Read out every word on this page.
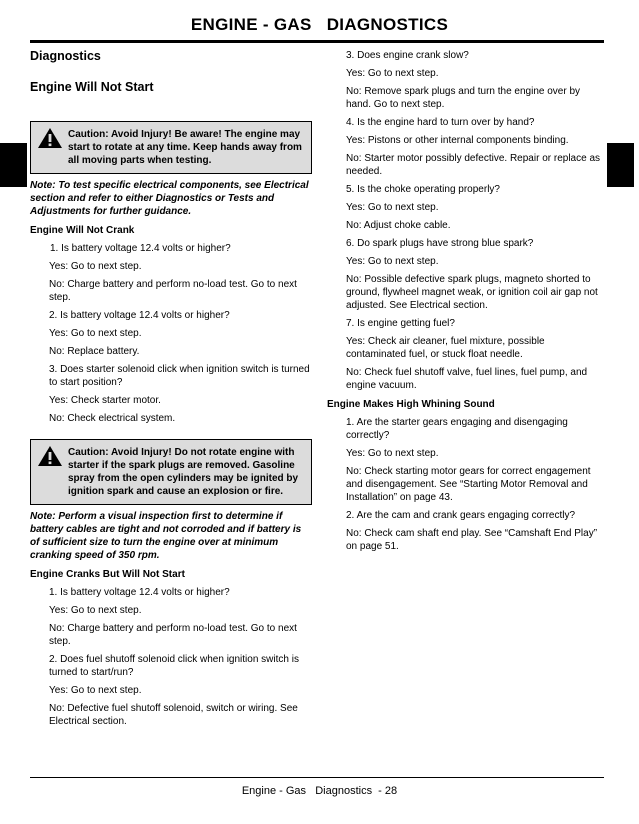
ENGINE - GAS   DIAGNOSTICS
Diagnostics
Engine Will Not Start
Caution: Avoid Injury! Be aware! The engine may start to rotate at any time. Keep hands away from all moving parts when testing.
Note: To test specific electrical components, see Electrical section and refer to either Diagnostics or Tests and Adjustments for further guidance.
Engine Will Not Crank
1. Is battery voltage 12.4 volts or higher?
Yes: Go to next step.
No: Charge battery and perform no-load test. Go to next step.
2. Is battery voltage 12.4 volts or higher?
Yes: Go to next step.
No: Replace battery.
3. Does starter solenoid click when ignition switch is turned to start position?
Yes: Check starter motor.
No: Check electrical system.
Caution: Avoid Injury! Do not rotate engine with starter if the spark plugs are removed. Gasoline spray from the open cylinders may be ignited by ignition spark and cause an explosion or fire.
Note: Perform a visual inspection first to determine if battery cables are tight and not corroded and if battery is of sufficient size to turn the engine over at minimum cranking speed of 350 rpm.
Engine Cranks But Will Not Start
1. Is battery voltage 12.4 volts or higher?
Yes: Go to next step.
No: Charge battery and perform no-load test. Go to next step.
2. Does fuel shutoff solenoid click when ignition switch is turned to start/run?
Yes: Go to next step.
No: Defective fuel shutoff solenoid, switch or wiring. See Electrical section.
3. Does engine crank slow?
Yes: Go to next step.
No: Remove spark plugs and turn the engine over by hand. Go to next step.
4. Is the engine hard to turn over by hand?
Yes: Pistons or other internal components binding.
No: Starter motor possibly defective. Repair or replace as needed.
5. Is the choke operating properly?
Yes: Go to next step.
No: Adjust choke cable.
6. Do spark plugs have strong blue spark?
Yes: Go to next step.
No: Possible defective spark plugs, magneto shorted to ground, flywheel magnet weak, or ignition coil air gap not adjusted. See Electrical section.
7. Is engine getting fuel?
Yes: Check air cleaner, fuel mixture, possible contaminated fuel, or stuck float needle.
No: Check fuel shutoff valve, fuel lines, fuel pump, and engine vacuum.
Engine Makes High Whining Sound
1. Are the starter gears engaging and disengaging correctly?
Yes: Go to next step.
No: Check starting motor gears for correct engagement and disengagement. See “Starting Motor Removal and Installation” on page 43.
2. Are the cam and crank gears engaging correctly?
No: Check cam shaft end play. See “Camshaft End Play” on page 51.
Engine - Gas   Diagnostics  - 28
